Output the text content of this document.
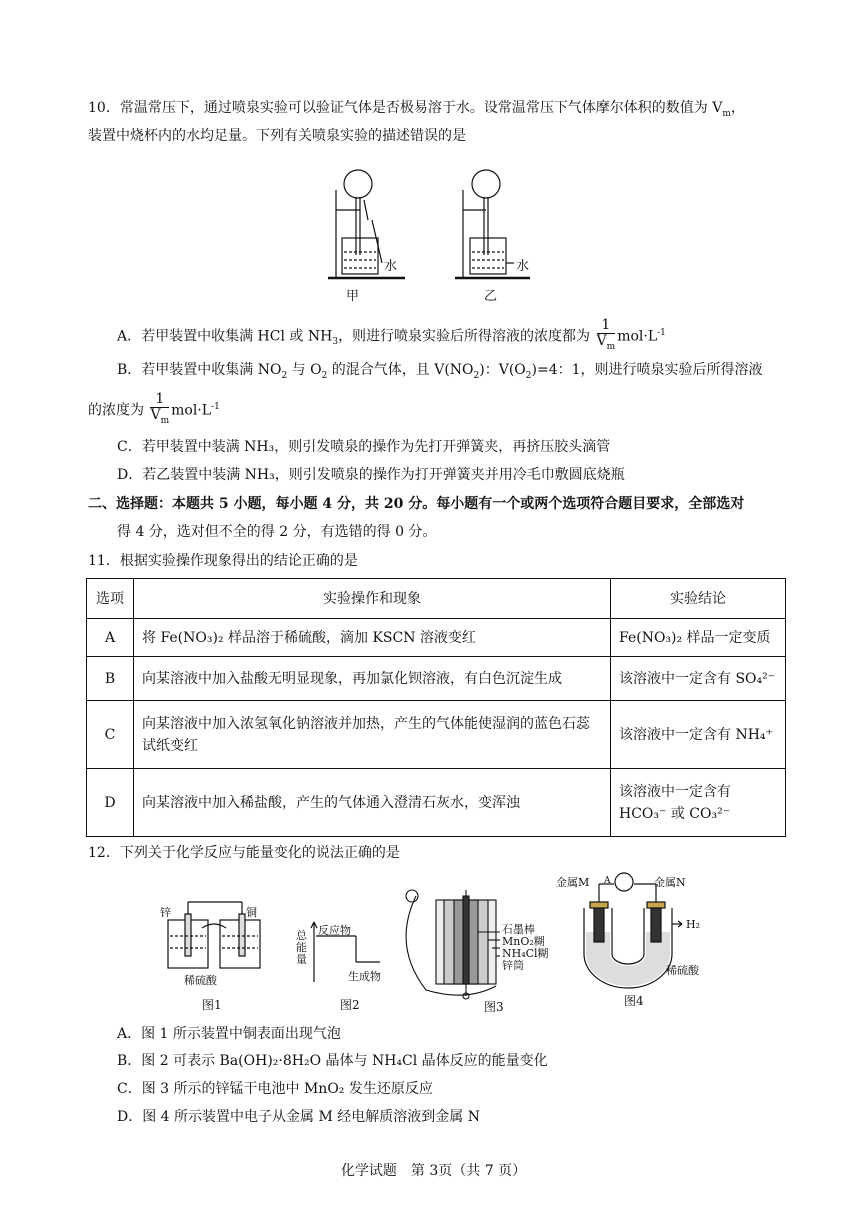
10．常温常压下，通过喷泉实验可以验证气体是否极易溶于水。设常温常压下气体摩尔体积的数值为 $V_m$，
装置中烧杯内的水均足量。下列有关喷泉实验的描述错误的是
水	水
甲	乙
A．若甲装置中收集满 HCl 或 $NH_3$，则进行喷泉实验后所得溶液的浓度都为 $\frac{1}{V_m} mol\cdot L^{-1}$
B．若甲装置中收集满 $NO_2$ 与 $O_2$ 的混合气体，且 $V(NO_2)$：$V(O_2)=4$：1，则进行喷泉实验后所得溶液
的浓度为 $\frac{1}{V_m} mol\cdot L^{-1}$
C．若甲装置中装满 NH₃，则引发喷泉的操作为先打开弹簧夹，再挤压胶头滴管
D．若乙装置中装满 NH₃，则引发喷泉的操作为打开弹簧夹并用冷毛巾敷圆底烧瓶
二、选择题：本题共 5 小题，每小题 4 分，共 20 分。每小题有一个或两个选项符合题目要求，全部选对
得 4 分，选对但不全的得 2 分，有选错的得 0 分。
11．根据实验操作现象得出的结论正确的是
选项	实验操作和现象	实验结论
A	将 Fe(NO₃)₂ 样品溶于稀硫酸，滴加 KSCN 溶液变红	Fe(NO₃)₂ 样品一定变质
B	向某溶液中加入盐酸无明显现象，再加氯化钡溶液，有白色沉淀生成	该溶液中一定含有 SO₄²⁻
C	向某溶液中加入浓氢氧化钠溶液并加热，产生的气体能使湿润的蓝色石蕊试纸变红	该溶液中一定含有 NH₄⁺
D	向某溶液中加入稀盐酸，产生的气体通入澄清石灰水，变浑浊	该溶液中一定含有 HCO₃⁻ 或 CO₃²⁻
12．下列关于化学反应与能量变化的说法正确的是
锌	铜
稀硫酸
图1
总能量
反应物
生成物
图2
石墨棒
MnO₂糊
NH₄Cl糊
锌筒
图3
A
金属M	金属N
H₂
稀硫酸
图4
A．图 1 所示装置中铜表面出现气泡
B．图 2 可表示 Ba(OH)₂·8H₂O 晶体与 NH₄Cl 晶体反应的能量变化
C．图 3 所示的锌锰干电池中 MnO₂ 发生还原反应
D．图 4 所示装置中电子从金属 M 经电解质溶液到金属 N
化学试题　第 3页（共 7 页）
